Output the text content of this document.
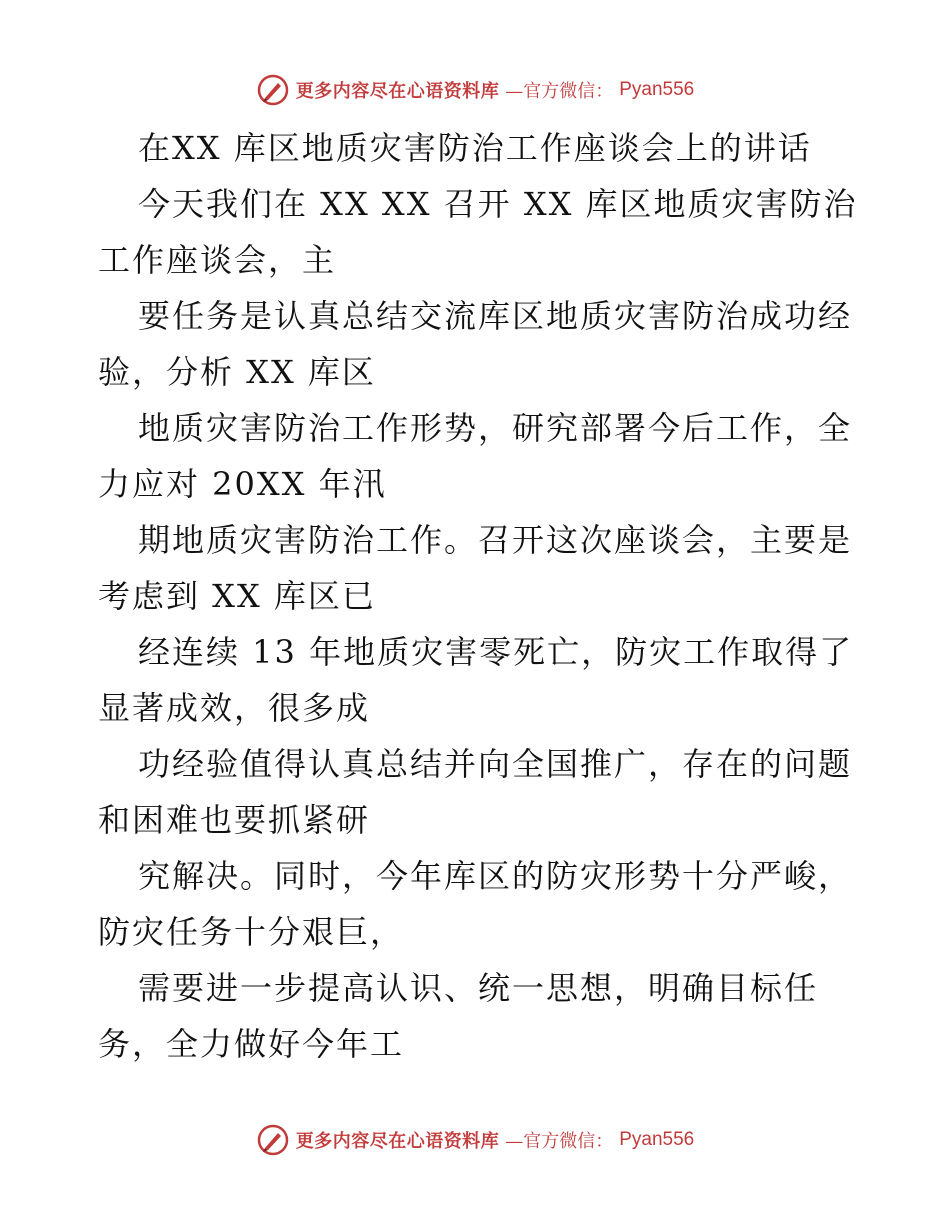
更多内容尽在心语资料库 —官方微信： Pyan556

在XX 库区地质灾害防治工作座谈会上的讲话

今天我们在 XX XX 召开 XX 库区地质灾害防治

工作座谈会，主

要任务是认真总结交流库区地质灾害防治成功经

验，分析 XX 库区

地质灾害防治工作形势，研究部署今后工作，全

力应对 20XX 年汛

期地质灾害防治工作。召开这次座谈会，主要是

考虑到 XX 库区已

经连续 13 年地质灾害零死亡，防灾工作取得了

显著成效，很多成

功经验值得认真总结并向全国推广，存在的问题

和困难也要抓紧研

究解决。同时，今年库区的防灾形势十分严峻，

防灾任务十分艰巨，

需要进一步提高认识、统一思想，明确目标任

务，全力做好今年工

更多内容尽在心语资料库 —官方微信： Pyan556
